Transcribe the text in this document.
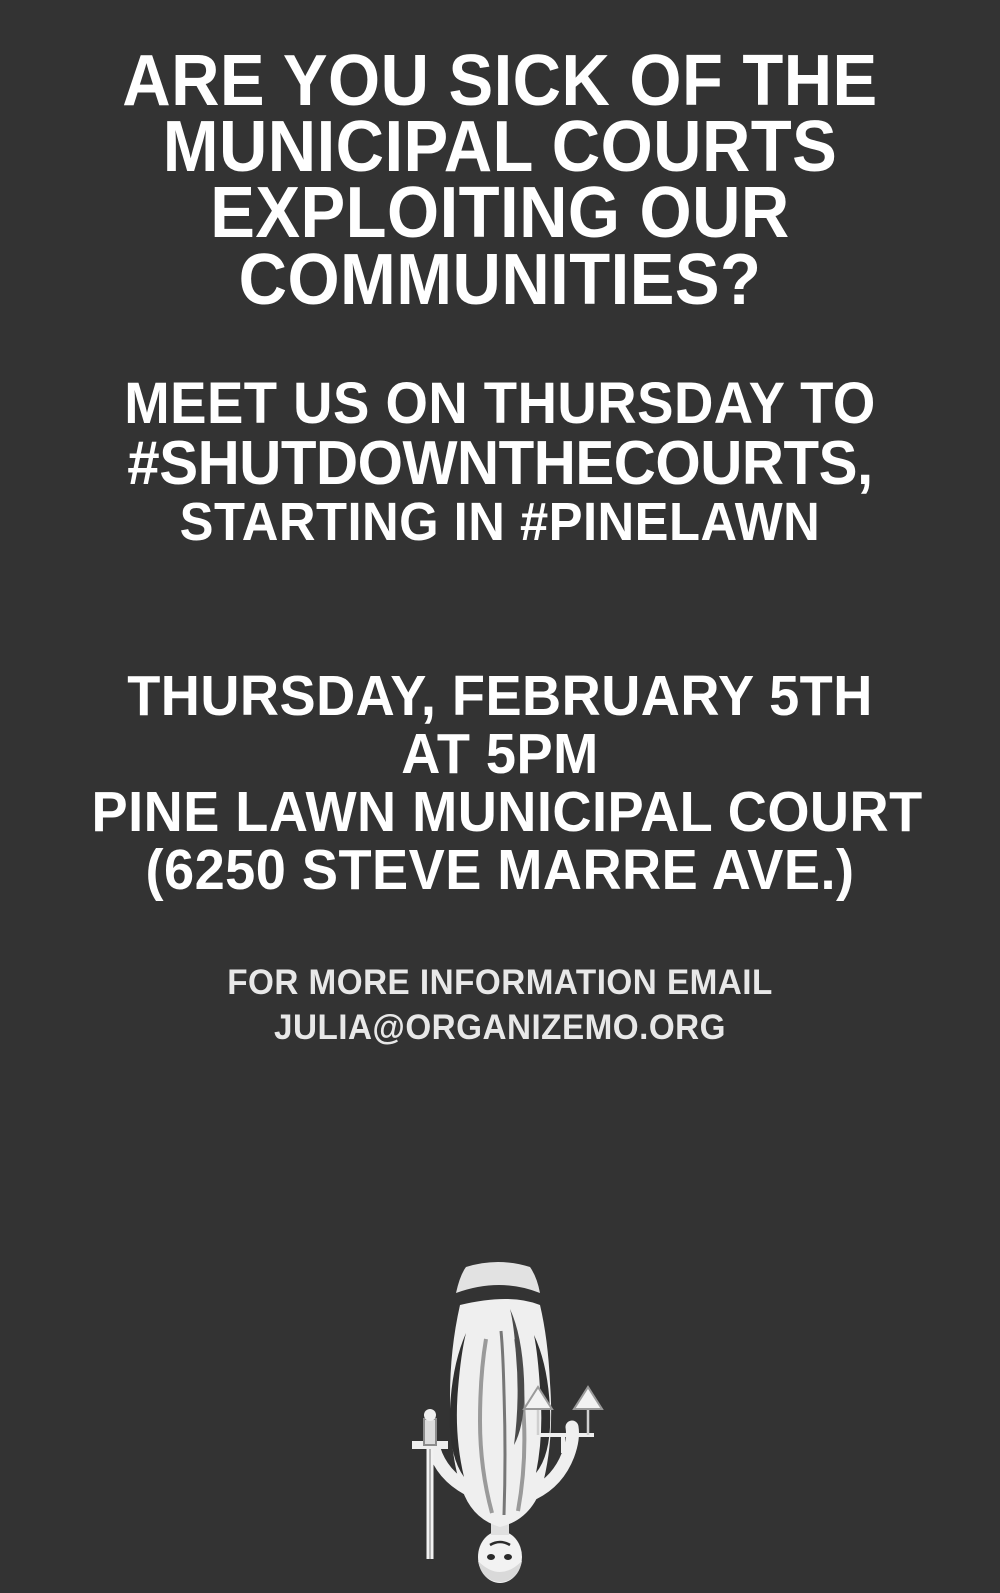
ARE YOU SICK OF THE
MUNICIPAL COURTS
EXPLOITING OUR
COMMUNITIES?
MEET US ON THURSDAY TO
#SHUTDOWNTHECOURTS,
STARTING IN #PINELAWN
THURSDAY, FEBRUARY 5TH
AT 5PM
PINE LAWN MUNICIPAL COURT
(6250 STEVE MARRE AVE.)
FOR MORE INFORMATION EMAIL
JULIA@ORGANIZEMO.ORG
